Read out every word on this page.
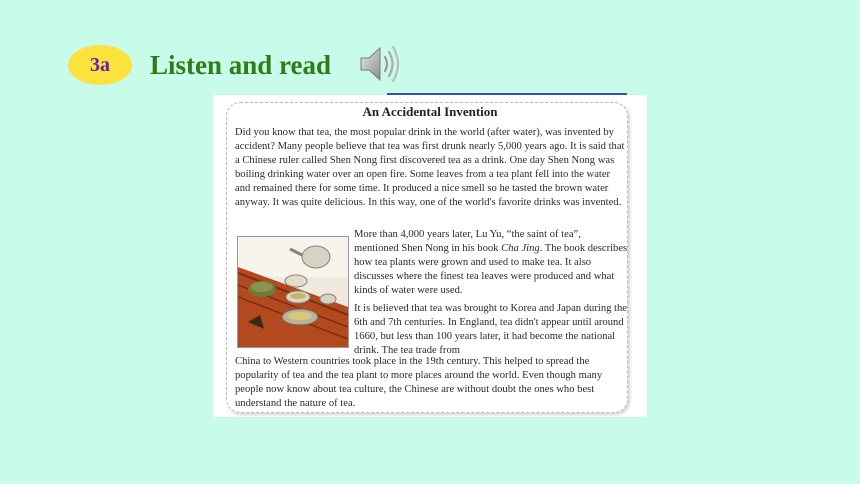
3a	Listen and read
An Accidental Invention

Did you know that tea, the most popular drink in the world (after water), was invented by accident? Many people believe that tea was first drunk nearly 5,000 years ago. It is said that a Chinese ruler called Shen Nong first discovered tea as a drink. One day Shen Nong was boiling drinking water over an open fire. Some leaves from a tea plant fell into the water and remained there for some time. It produced a nice smell so he tasted the brown water anyway. It was quite delicious. In this way, one of the world's favorite drinks was invented.

More than 4,000 years later, Lu Yu, “the saint of tea”, mentioned Shen Nong in his book Cha Jing. The book describes how tea plants were grown and used to make tea. It also discusses where the finest tea leaves were produced and what kinds of water were used.

It is believed that tea was brought to Korea and Japan during the 6th and 7th centuries. In England, tea didn't appear until around 1660, but less than 100 years later, it had become the national drink. The tea trade from

China to Western countries took place in the 19th century. This helped to spread the popularity of tea and the tea plant to more places around the world. Even though many people now know about tea culture, the Chinese are without doubt the ones who best understand the nature of tea.
